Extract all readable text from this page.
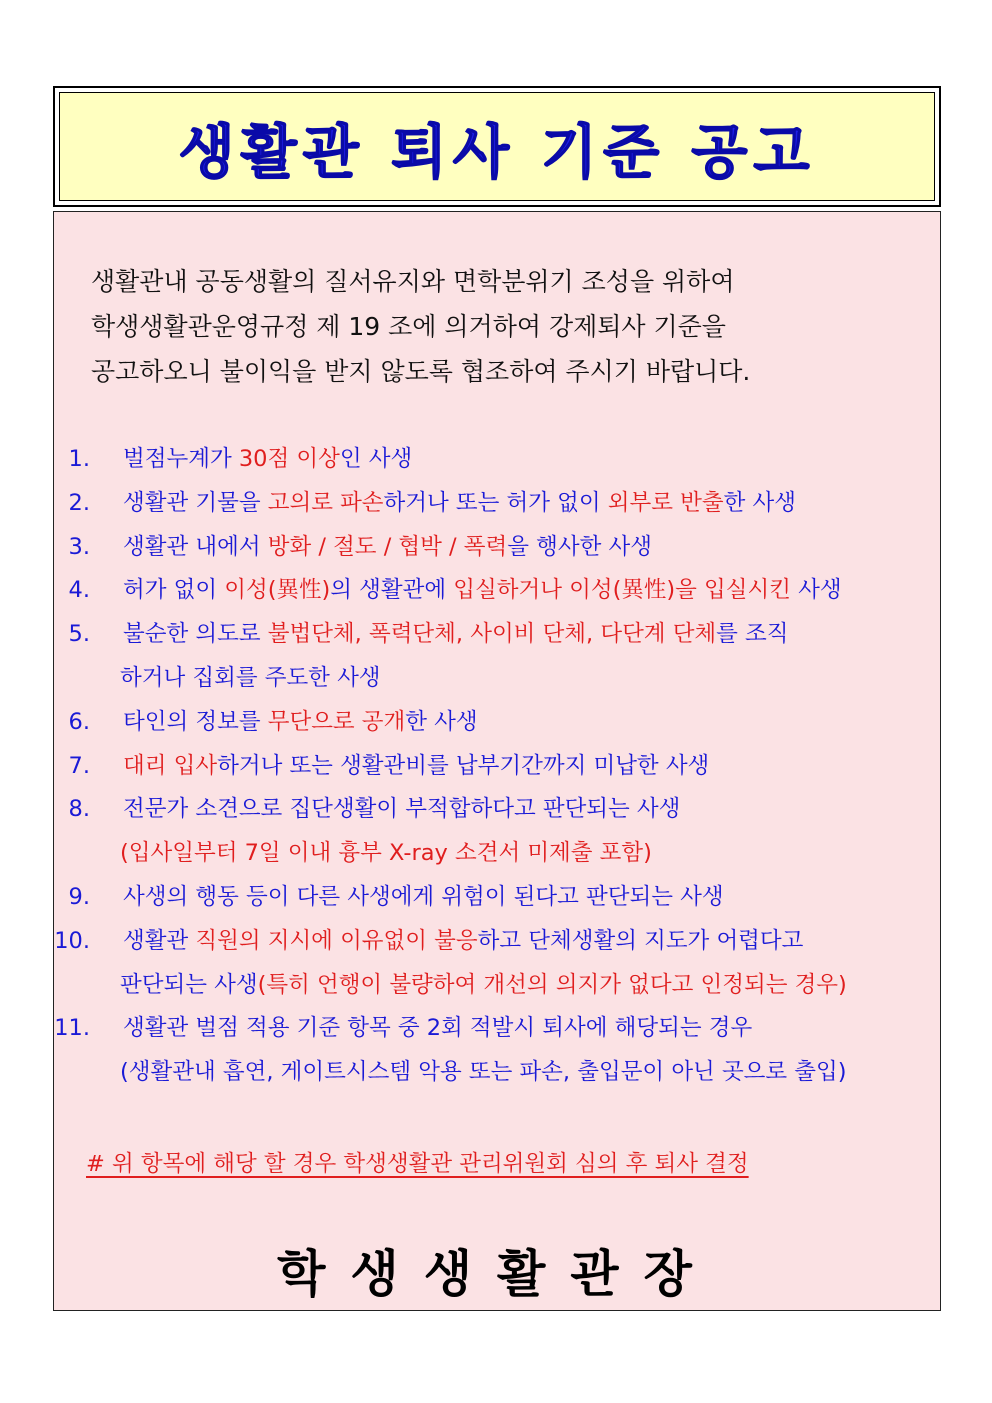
생활관 퇴사 기준 공고

생활관내 공동생활의 질서유지와 면학분위기 조성을 위하여

학생생활관운영규정 제 19 조에 의거하여 강제퇴사 기준을

공고하오니 불이익을 받지 않도록 협조하여 주시기 바랍니다.

1. 벌점누계가 30점 이상인 사생
2. 생활관 기물을 고의로 파손하거나 또는 허가 없이 외부로 반출한 사생
3. 생활관 내에서 방화 / 절도 / 협박 / 폭력을 행사한 사생
4. 허가 없이 이성(異性)의 생활관에 입실하거나 이성(異性)을 입실시킨 사생
5. 불순한 의도로 불법단체, 폭력단체, 사이비 단체, 다단계 단체를 조직
하거나 집회를 주도한 사생
6. 타인의 정보를 무단으로 공개한 사생
7. 대리 입사하거나 또는 생활관비를 납부기간까지 미납한 사생
8. 전문가 소견으로 집단생활이 부적합하다고 판단되는 사생
(입사일부터 7일 이내 흉부 X-ray 소견서 미제출 포함)
9. 사생의 행동 등이 다른 사생에게 위험이 된다고 판단되는 사생
10. 생활관 직원의 지시에 이유없이 불응하고 단체생활의 지도가 어렵다고
판단되는 사생(특히 언행이 불량하여 개선의 의지가 없다고 인정되는 경우)
11. 생활관 벌점 적용 기준 항목 중 2회 적발시 퇴사에 해당되는 경우
(생활관내 흡연, 게이트시스템 악용 또는 파손, 출입문이 아닌 곳으로 출입)
# 위 항목에 해당 할 경우 학생생활관 관리위원회 심의 후 퇴사 결정
학생생활관장
